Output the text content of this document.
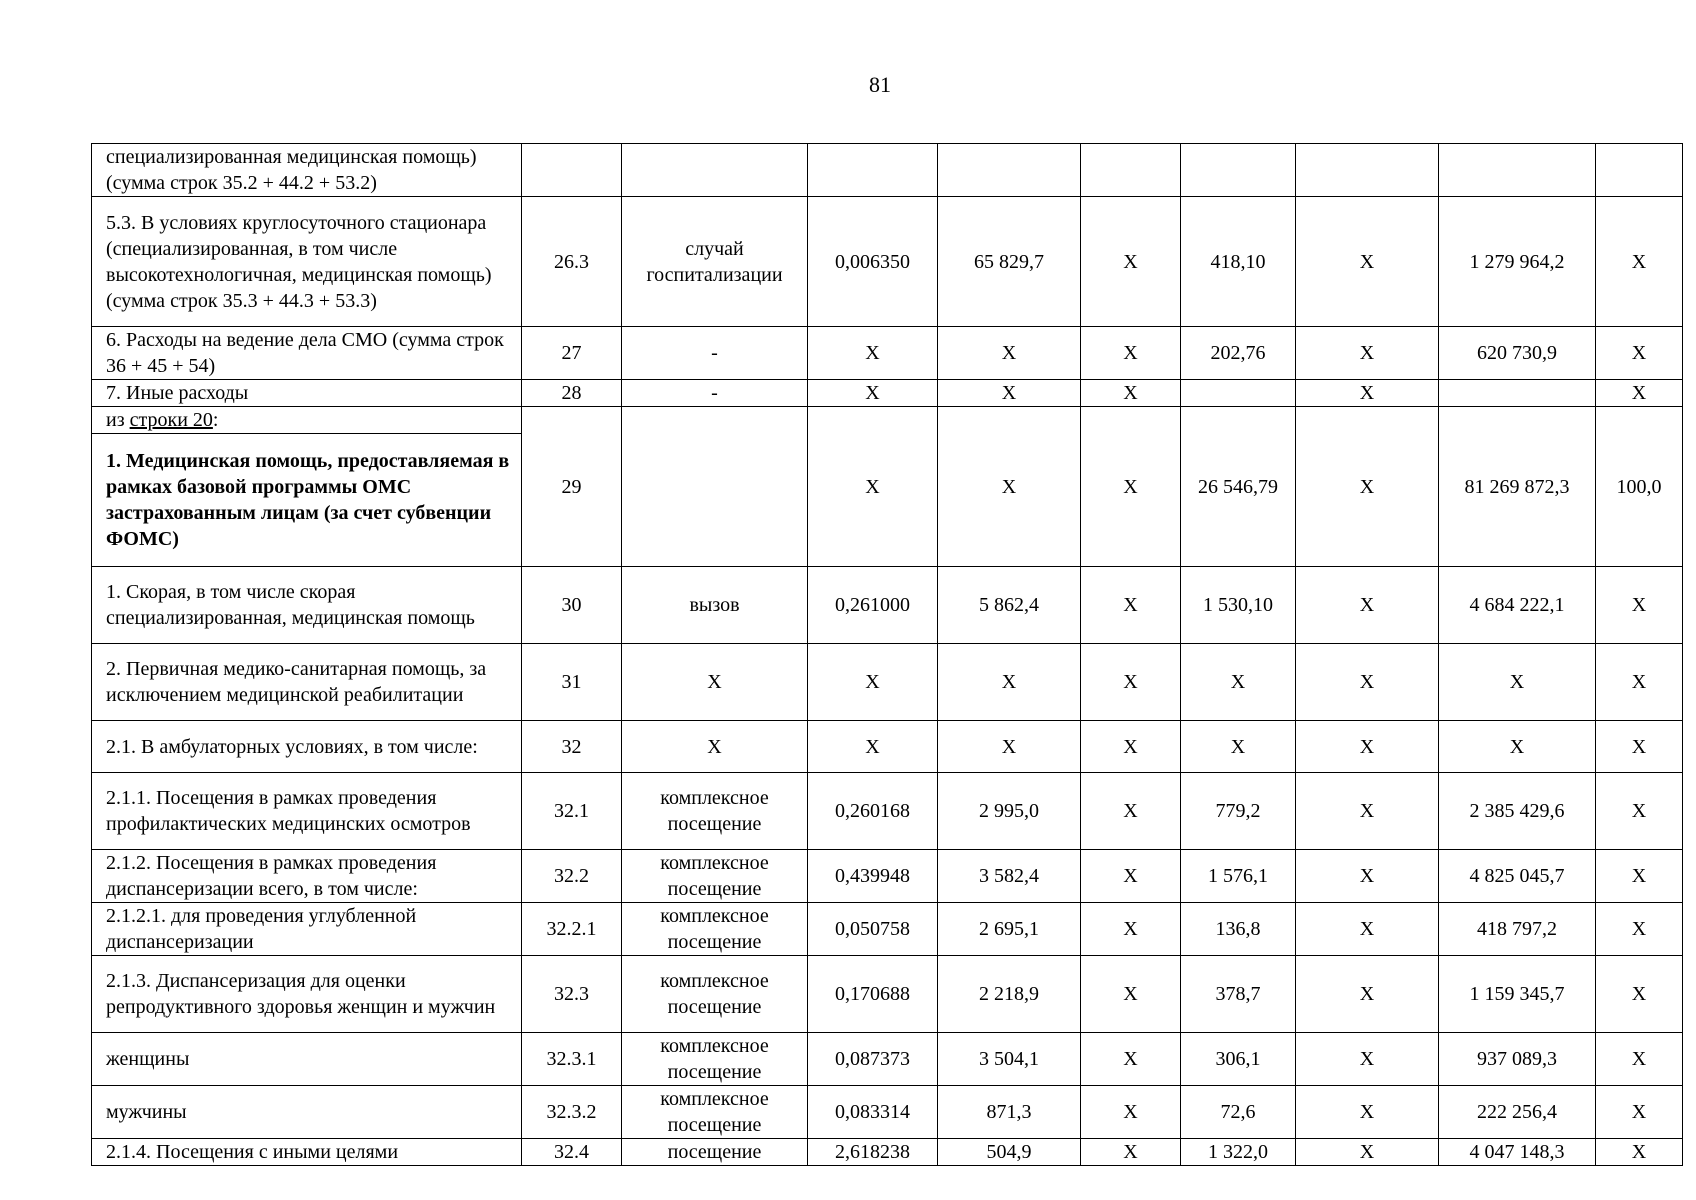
81
специализированная медицинская помощь) (сумма строк 35.2 + 44.2 + 53.2)									
5.3. В условиях круглосуточного стационара (специализированная, в том числе высокотехнологичная, медицинская помощь) (сумма строк 35.3 + 44.3 + 53.3)	26.3	случай госпитализации	0,006350	65 829,7	Х	418,10	Х	1 279 964,2	Х
6. Расходы на ведение дела СМО (сумма строк 36 + 45 + 54)	27	-	Х	Х	Х	202,76	Х	620 730,9	Х
7. Иные расходы	28	-	Х	Х	Х		Х		Х

из строки 20:
1. Медицинская помощь, предоставляемая в рамках базовой программы ОМС застрахованным лицам (за счет субвенции ФОМС)	29		Х	Х	Х	26 546,79	Х	81 269 872,3	100,0
1. Скорая, в том числе скорая специализированная, медицинская помощь	30	вызов	0,261000	5 862,4	Х	1 530,10	Х	4 684 222,1	Х
2. Первичная медико-санитарная помощь, за исключением медицинской реабилитации	31	Х	Х	Х	Х	Х	Х	Х	Х
2.1. В амбулаторных условиях, в том числе:	32	Х	Х	Х	Х	Х	Х	Х	Х
2.1.1. Посещения в рамках проведения профилактических медицинских осмотров	32.1	комплексное посещение	0,260168	2 995,0	Х	779,2	Х	2 385 429,6	Х
2.1.2. Посещения в рамках проведения диспансеризации всего, в том числе:	32.2	комплексное посещение	0,439948	3 582,4	Х	1 576,1	Х	4 825 045,7	Х
2.1.2.1. для проведения углубленной диспансеризации	32.2.1	комплексное посещение	0,050758	2 695,1	Х	136,8	Х	418 797,2	Х
2.1.3. Диспансеризация для оценки репродуктивного здоровья женщин и мужчин	32.3	комплексное посещение	0,170688	2 218,9	Х	378,7	Х	1 159 345,7	Х
женщины	32.3.1	комплексное посещение	0,087373	3 504,1	Х	306,1	Х	937 089,3	Х
мужчины	32.3.2	комплексное посещение	0,083314	871,3	Х	72,6	Х	222 256,4	Х
2.1.4. Посещения с иными целями	32.4	посещение	2,618238	504,9	Х	1 322,0	Х	4 047 148,3	Х
